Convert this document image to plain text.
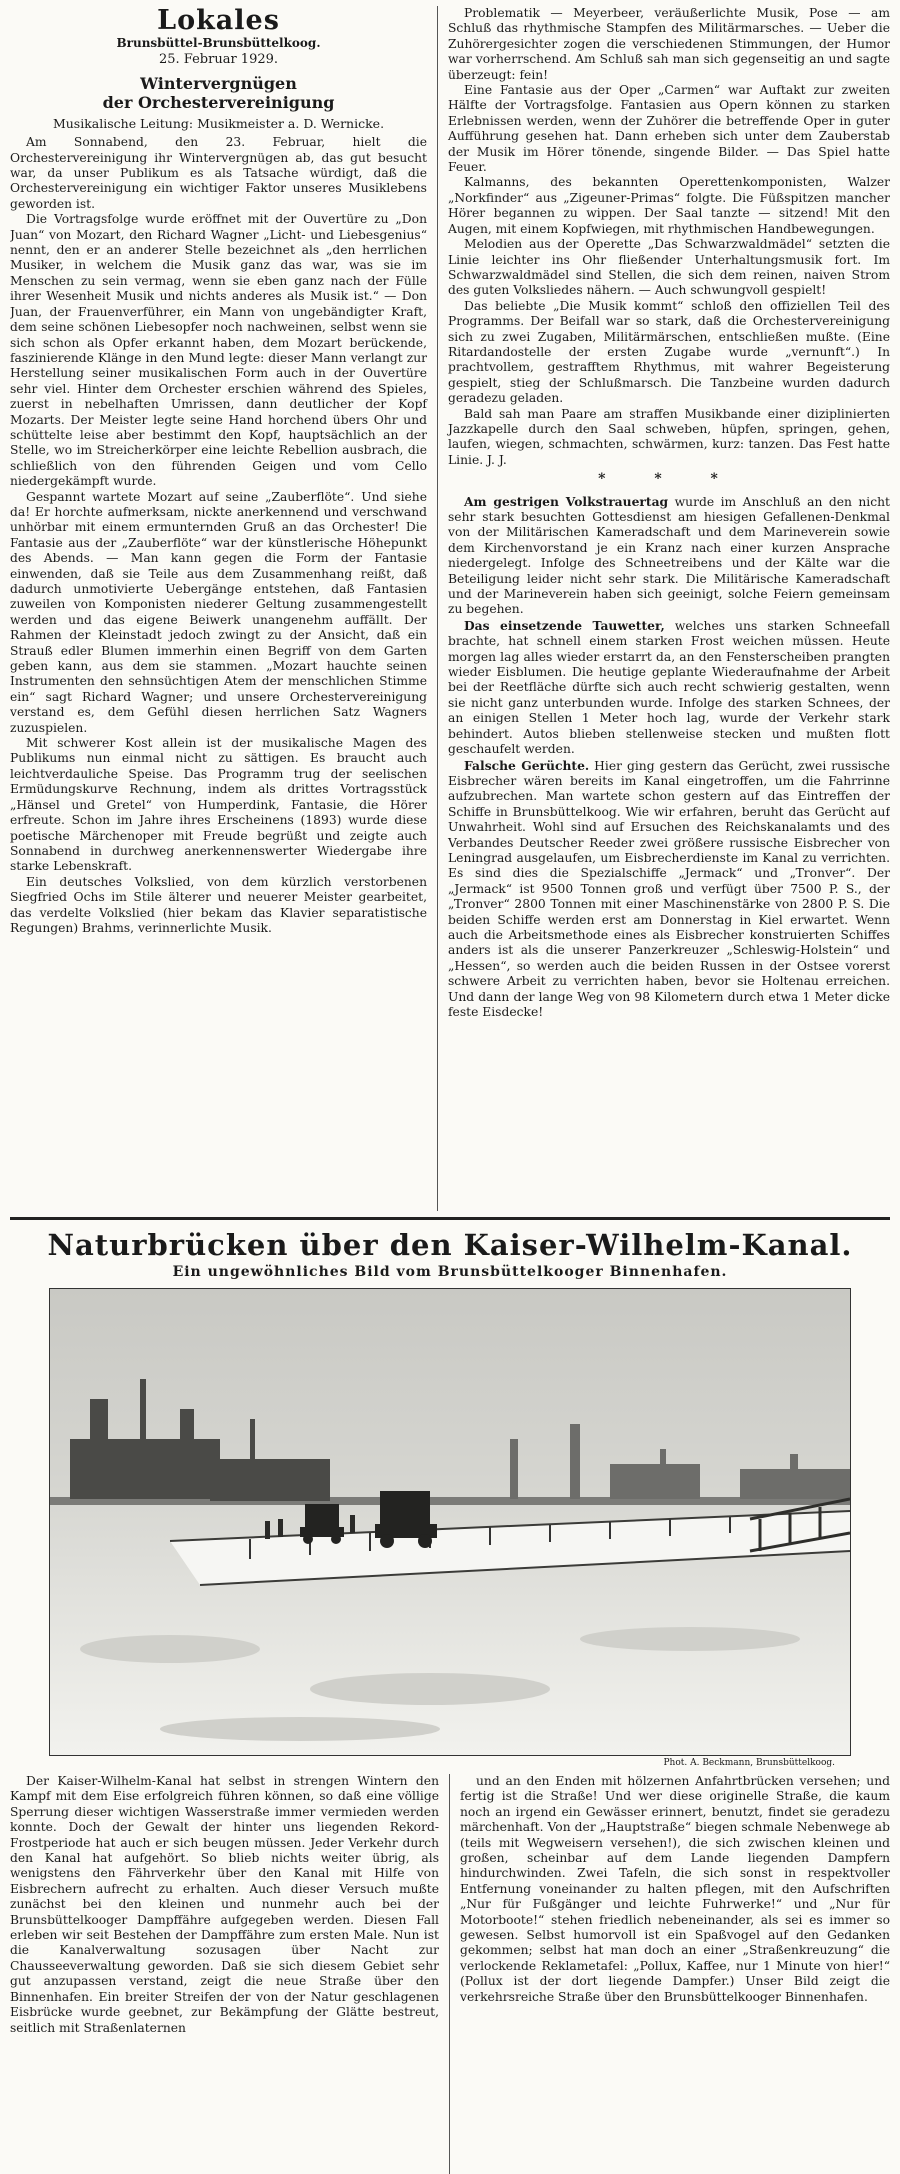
Lokales
Brunsbüttel-Brunsbüttelkoog.
25. Februar 1929.
Wintervergnügen
der Orchestervereinigung
Musikalische Leitung: Musikmeister a. D. Wernicke.

Am Sonnabend, den 23. Februar, hielt die Orchestervereinigung ihr Wintervergnügen ab, das gut besucht war, da unser Publikum es als Tatsache würdigt, daß die Orchestervereinigung ein wichtiger Faktor unseres Musiklebens geworden ist.

Die Vortragsfolge wurde eröffnet mit der Ouvertüre zu „Don Juan“ von Mozart, den Richard Wagner „Licht- und Liebesgenius“ nennt, den er an anderer Stelle bezeichnet als „den herrlichen Musiker, in welchem die Musik ganz das war, was sie im Menschen zu sein vermag, wenn sie eben ganz nach der Fülle ihrer Wesenheit Musik und nichts anderes als Musik ist.“ — Don Juan, der Frauenverführer, ein Mann von ungebändigter Kraft, dem seine schönen Liebesopfer noch nachweinen, selbst wenn sie sich schon als Opfer erkannt haben, dem Mozart berückende, faszinierende Klänge in den Mund legte: dieser Mann verlangt zur Herstellung seiner musikalischen Form auch in der Ouvertüre sehr viel. Hinter dem Orchester erschien während des Spieles, zuerst in nebelhaften Umrissen, dann deutlicher der Kopf Mozarts. Der Meister legte seine Hand horchend übers Ohr und schüttelte leise aber bestimmt den Kopf, hauptsächlich an der Stelle, wo im Streicherkörper eine leichte Rebellion ausbrach, die schließlich von den führenden Geigen und vom Cello niedergekämpft wurde.

Gespannt wartete Mozart auf seine „Zauberflöte“. Und siehe da! Er horchte aufmerksam, nickte anerkennend und verschwand unhörbar mit einem ermunternden Gruß an das Orchester! Die Fantasie aus der „Zauberflöte“ war der künstlerische Höhepunkt des Abends. — Man kann gegen die Form der Fantasie einwenden, daß sie Teile aus dem Zusammenhang reißt, daß dadurch unmotivierte Uebergänge entstehen, daß Fantasien zuweilen von Komponisten niederer Geltung zusammengestellt werden und das eigene Beiwerk unangenehm auffällt. Der Rahmen der Kleinstadt jedoch zwingt zu der Ansicht, daß ein Strauß edler Blumen immerhin einen Begriff von dem Garten geben kann, aus dem sie stammen. „Mozart hauchte seinen Instrumenten den sehnsüchtigen Atem der menschlichen Stimme ein“ sagt Richard Wagner; und unsere Orchestervereinigung verstand es, dem Gefühl diesen herrlichen Satz Wagners zuzuspielen.

Mit schwerer Kost allein ist der musikalische Magen des Publikums nun einmal nicht zu sättigen. Es braucht auch leichtverdauliche Speise. Das Programm trug der seelischen Ermüdungskurve Rechnung, indem als drittes Vortragsstück „Hänsel und Gretel“ von Humperdink, Fantasie, die Hörer erfreute. Schon im Jahre ihres Erscheinens (1893) wurde diese poetische Märchenoper mit Freude begrüßt und zeigte auch Sonnabend in durchweg anerkennenswerter Wiedergabe ihre starke Lebenskraft.

Ein deutsches Volkslied, von dem kürzlich verstorbenen Siegfried Ochs im Stile älterer und neuerer Meister gearbeitet, das verdelte Volkslied (hier bekam das Klavier separatistische Regungen) Brahms, verinnerlichte Musik.

Problematik — Meyerbeer, veräußerlichte Musik, Pose — am Schluß das rhythmische Stampfen des Militärmarsches. — Ueber die Zuhörergesichter zogen die verschiedenen Stimmungen, der Humor war vorherrschend. Am Schluß sah man sich gegenseitig an und sagte überzeugt: fein!

Eine Fantasie aus der Oper „Carmen“ war Auftakt zur zweiten Hälfte der Vortragsfolge. Fantasien aus Opern können zu starken Erlebnissen werden, wenn der Zuhörer die betreffende Oper in guter Aufführung gesehen hat. Dann erheben sich unter dem Zauberstab der Musik im Hörer tönende, singende Bilder. — Das Spiel hatte Feuer.

Kalmanns, des bekannten Operettenkomponisten, Walzer „Norkfinder“ aus „Zigeuner-Primas“ folgte. Die Füßspitzen mancher Hörer begannen zu wippen. Der Saal tanzte — sitzend! Mit den Augen, mit einem Kopfwiegen, mit rhythmischen Handbewegungen.

Melodien aus der Operette „Das Schwarzwaldmädel“ setzten die Linie leichter ins Ohr fließender Unterhaltungsmusik fort. Im Schwarzwaldmädel sind Stellen, die sich dem reinen, naiven Strom des guten Volksliedes nähern. — Auch schwungvoll gespielt!

Das beliebte „Die Musik kommt“ schloß den offiziellen Teil des Programms. Der Beifall war so stark, daß die Orchestervereinigung sich zu zwei Zugaben, Militärmärschen, entschließen mußte. (Eine Ritardandostelle der ersten Zugabe wurde „vernunft“.) In prachtvollem, gestrafftem Rhythmus, mit wahrer Begeisterung gespielt, stieg der Schlußmarsch. Die Tanzbeine wurden dadurch geradezu geladen.

Bald sah man Paare am straffen Musikbande einer diziplinierten Jazzkapelle durch den Saal schweben, hüpfen, springen, gehen, laufen, wiegen, schmachten, schwärmen, kurz: tanzen. Das Fest hatte Linie. J. J.

* * *

Am gestrigen Volkstrauertag wurde im Anschluß an den nicht sehr stark besuchten Gottesdienst am hiesigen Gefallenen-Denkmal von der Militärischen Kameradschaft und dem Marineverein sowie dem Kirchenvorstand je ein Kranz nach einer kurzen Ansprache niedergelegt. Infolge des Schneetreibens und der Kälte war die Beteiligung leider nicht sehr stark. Die Militärische Kameradschaft und der Marineverein haben sich geeinigt, solche Feiern gemeinsam zu begehen.

Das einsetzende Tauwetter, welches uns starken Schneefall brachte, hat schnell einem starken Frost weichen müssen. Heute morgen lag alles wieder erstarrt da, an den Fensterscheiben prangten wieder Eisblumen. Die heutige geplante Wiederaufnahme der Arbeit bei der Reetfläche dürfte sich auch recht schwierig gestalten, wenn sie nicht ganz unterbunden wurde. Infolge des starken Schnees, der an einigen Stellen 1 Meter hoch lag, wurde der Verkehr stark behindert. Autos blieben stellenweise stecken und mußten flott geschaufelt werden.

Falsche Gerüchte. Hier ging gestern das Gerücht, zwei russische Eisbrecher wären bereits im Kanal eingetroffen, um die Fahrrinne aufzubrechen. Man wartete schon gestern auf das Eintreffen der Schiffe in Brunsbüttelkoog. Wie wir erfahren, beruht das Gerücht auf Unwahrheit. Wohl sind auf Ersuchen des Reichskanalamts und des Verbandes Deutscher Reeder zwei größere russische Eisbrecher von Leningrad ausgelaufen, um Eisbrecherdienste im Kanal zu verrichten. Es sind dies die Spezialschiffe „Jermack“ und „Tronver“. Der „Jermack“ ist 9500 Tonnen groß und verfügt über 7500 P. S., der „Tronver“ 2800 Tonnen mit einer Maschinenstärke von 2800 P. S. Die beiden Schiffe werden erst am Donnerstag in Kiel erwartet. Wenn auch die Arbeitsmethode eines als Eisbrecher konstruierten Schiffes anders ist als die unserer Panzerkreuzer „Schleswig-Holstein“ und „Hessen“, so werden auch die beiden Russen in der Ostsee vorerst schwere Arbeit zu verrichten haben, bevor sie Holtenau erreichen. Und dann der lange Weg von 98 Kilometern durch etwa 1 Meter dicke feste Eisdecke!

Naturbrücken über den Kaiser-Wilhelm-Kanal.
Ein ungewöhnliches Bild vom Brunsbüttelkooger Binnenhafen.
Phot. A. Beckmann, Brunsbüttelkoog.

Der Kaiser-Wilhelm-Kanal hat selbst in strengen Wintern den Kampf mit dem Eise erfolgreich führen können, so daß eine völlige Sperrung dieser wichtigen Wasserstraße immer vermieden werden konnte. Doch der Gewalt der hinter uns liegenden Rekord-Frostperiode hat auch er sich beugen müssen. Jeder Verkehr durch den Kanal hat aufgehört. So blieb nichts weiter übrig, als wenigstens den Fährverkehr über den Kanal mit Hilfe von Eisbrechern aufrecht zu erhalten. Auch dieser Versuch mußte zunächst bei den kleinen und nunmehr auch bei der Brunsbüttelkooger Dampffähre aufgegeben werden. Diesen Fall erleben wir seit Bestehen der Dampffähre zum ersten Male. Nun ist die Kanalverwaltung sozusagen über Nacht zur Chausseeverwaltung geworden. Daß sie sich diesem Gebiet sehr gut anzupassen verstand, zeigt die neue Straße über den Binnenhafen. Ein breiter Streifen der von der Natur geschlagenen Eisbrücke wurde geebnet, zur Bekämpfung der Glätte bestreut, seitlich mit Straßenlaternen

und an den Enden mit hölzernen Anfahrtbrücken versehen; und fertig ist die Straße! Und wer diese originelle Straße, die kaum noch an irgend ein Gewässer erinnert, benutzt, findet sie geradezu märchenhaft. Von der „Hauptstraße“ biegen schmale Nebenwege ab (teils mit Wegweisern versehen!), die sich zwischen kleinen und großen, scheinbar auf dem Lande liegenden Dampfern hindurchwinden. Zwei Tafeln, die sich sonst in respektvoller Entfernung voneinander zu halten pflegen, mit den Aufschriften „Nur für Fußgänger und leichte Fuhrwerke!“ und „Nur für Motorboote!“ stehen friedlich nebeneinander, als sei es immer so gewesen. Selbst humorvoll ist ein Spaßvogel auf den Gedanken gekommen; selbst hat man doch an einer „Straßenkreuzung“ die verlockende Reklametafel: „Pollux, Kaffee, nur 1 Minute von hier!“ (Pollux ist der dort liegende Dampfer.) Unser Bild zeigt die verkehrsreiche Straße über den Brunsbüttelkooger Binnenhafen.
